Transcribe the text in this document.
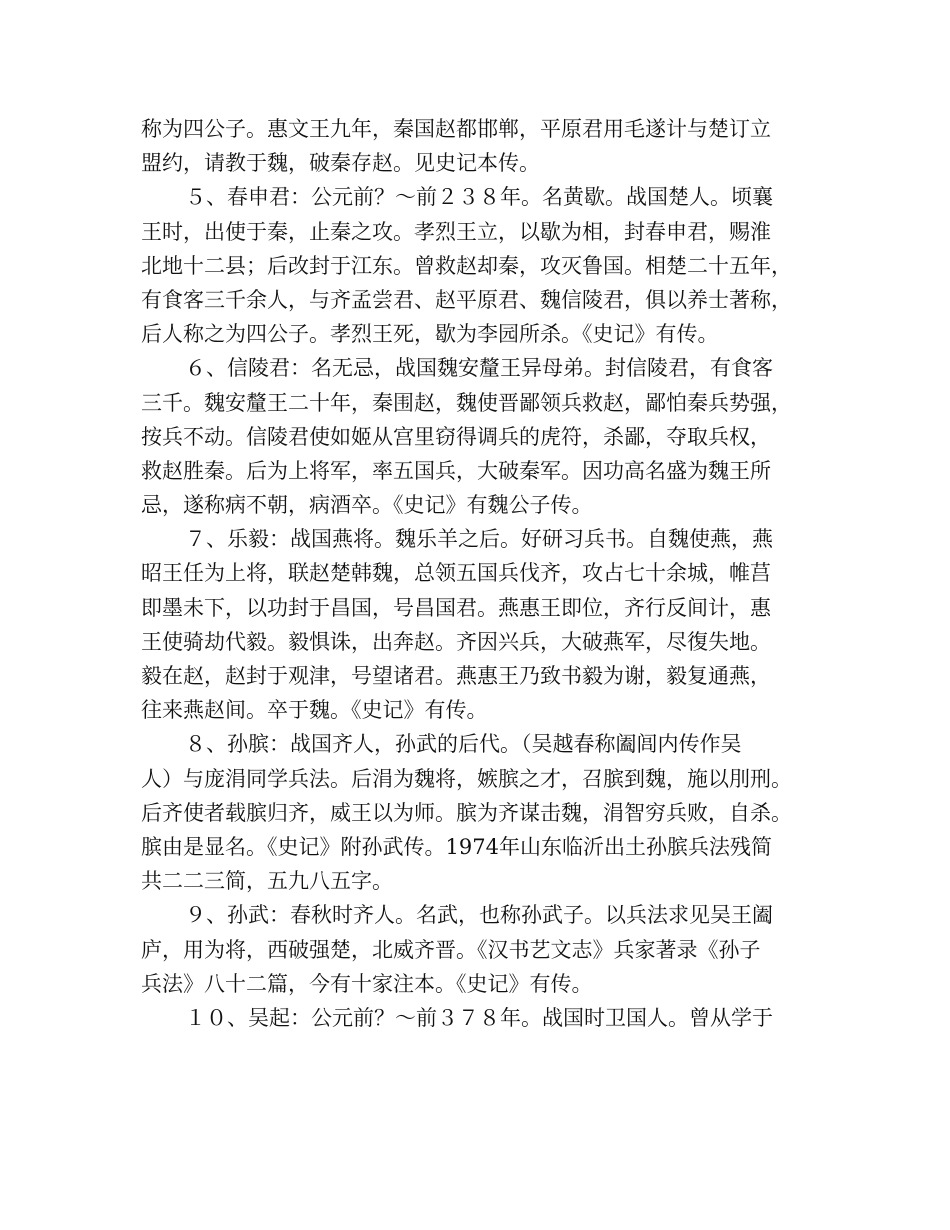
称为四公子。惠文王九年，秦国赵都邯郸，平原君用毛遂计与楚订立
盟约，请教于魏，破秦存赵。见史记本传。
５、春申君：公元前？～前２３８年。名黄歇。战国楚人。顷襄
王时，出使于秦，止秦之攻。孝烈王立，以歇为相，封春申君，赐淮
北地十二县；后改封于江东。曾救赵却秦，攻灭鲁国。相楚二十五年，
有食客三千余人，与齐孟尝君、赵平原君、魏信陵君，俱以养士著称，
后人称之为四公子。孝烈王死，歇为李园所杀。《史记》有传。
６、信陵君：名无忌，战国魏安釐王异母弟。封信陵君，有食客
三千。魏安釐王二十年，秦围赵，魏使晋鄙领兵救赵，鄙怕秦兵势强，
按兵不动。信陵君使如姬从宫里窃得调兵的虎符，杀鄙，夺取兵权，
救赵胜秦。后为上将军，率五国兵，大破秦军。因功高名盛为魏王所
忌，遂称病不朝，病酒卒。《史记》有魏公子传。
７、乐毅：战国燕将。魏乐羊之后。好研习兵书。自魏使燕，燕
昭王任为上将，联赵楚韩魏，总领五国兵伐齐，攻占七十余城，帷莒
即墨未下，以功封于昌国，号昌国君。燕惠王即位，齐行反间计，惠
王使骑劫代毅。毅惧诛，出奔赵。齐因兴兵，大破燕军，尽復失地。
毅在赵，赵封于观津，号望诸君。燕惠王乃致书毅为谢，毅复通燕，
往来燕赵间。卒于魏。《史记》有传。
８、孙膑：战国齐人，孙武的后代。（吴越春称阖闾内传作吴
人）与庞涓同学兵法。后涓为魏将，嫉膑之才，召膑到魏，施以刖刑。
后齐使者载膑归齐，威王以为师。膑为齐谋击魏，涓智穷兵败，自杀。
膑由是显名。《史记》附孙武传。1974年山东临沂出土孙膑兵法残简
共二二三简，五九八五字。
９、孙武：春秋时齐人。名武，也称孙武子。以兵法求见吴王阖
庐，用为将，西破强楚，北威齐晋。《汉书艺文志》兵家著录《孙子
兵法》八十二篇，今有十家注本。《史记》有传。
１０、吴起：公元前？～前３７８年。战国时卫国人。曾从学于
